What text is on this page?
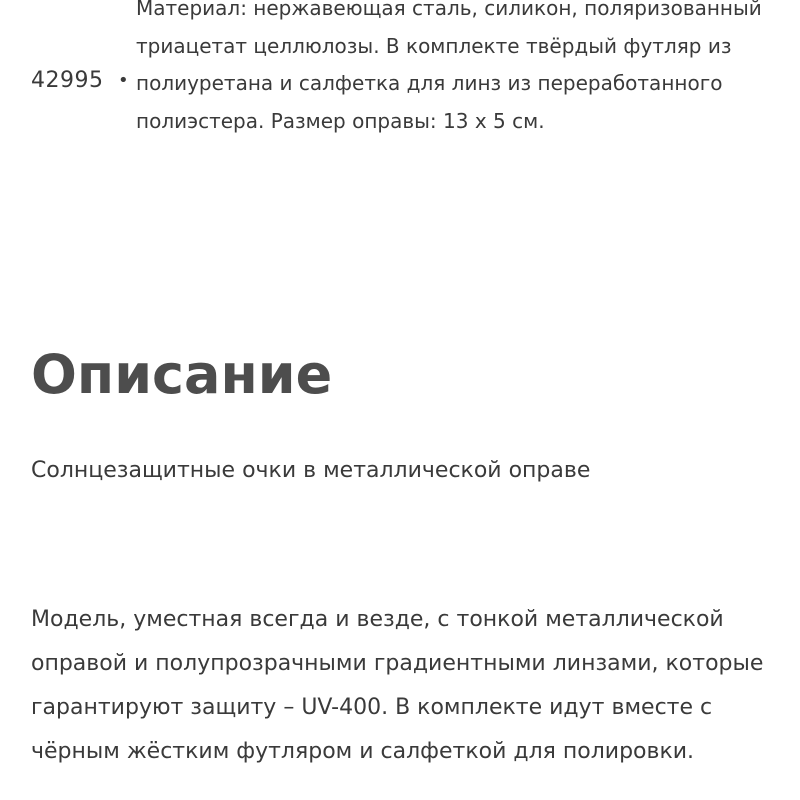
42995 •

Материал: нержавеющая сталь, силикон, поляризованный триацетат целлюлозы. В комплекте твёрдый футляр из полиуретана и салфетка для линз из переработанного полиэстера. Размер оправы: 13 x 5 см.

Описание

Солнцезащитные очки в металлической оправе

Модель, уместная всегда и везде, с тонкой металлической оправой и полупрозрачными градиентными линзами, которые гарантируют защиту – UV-400. В комплекте идут вместе с чёрным жёстким футляром и салфеткой для полировки.
